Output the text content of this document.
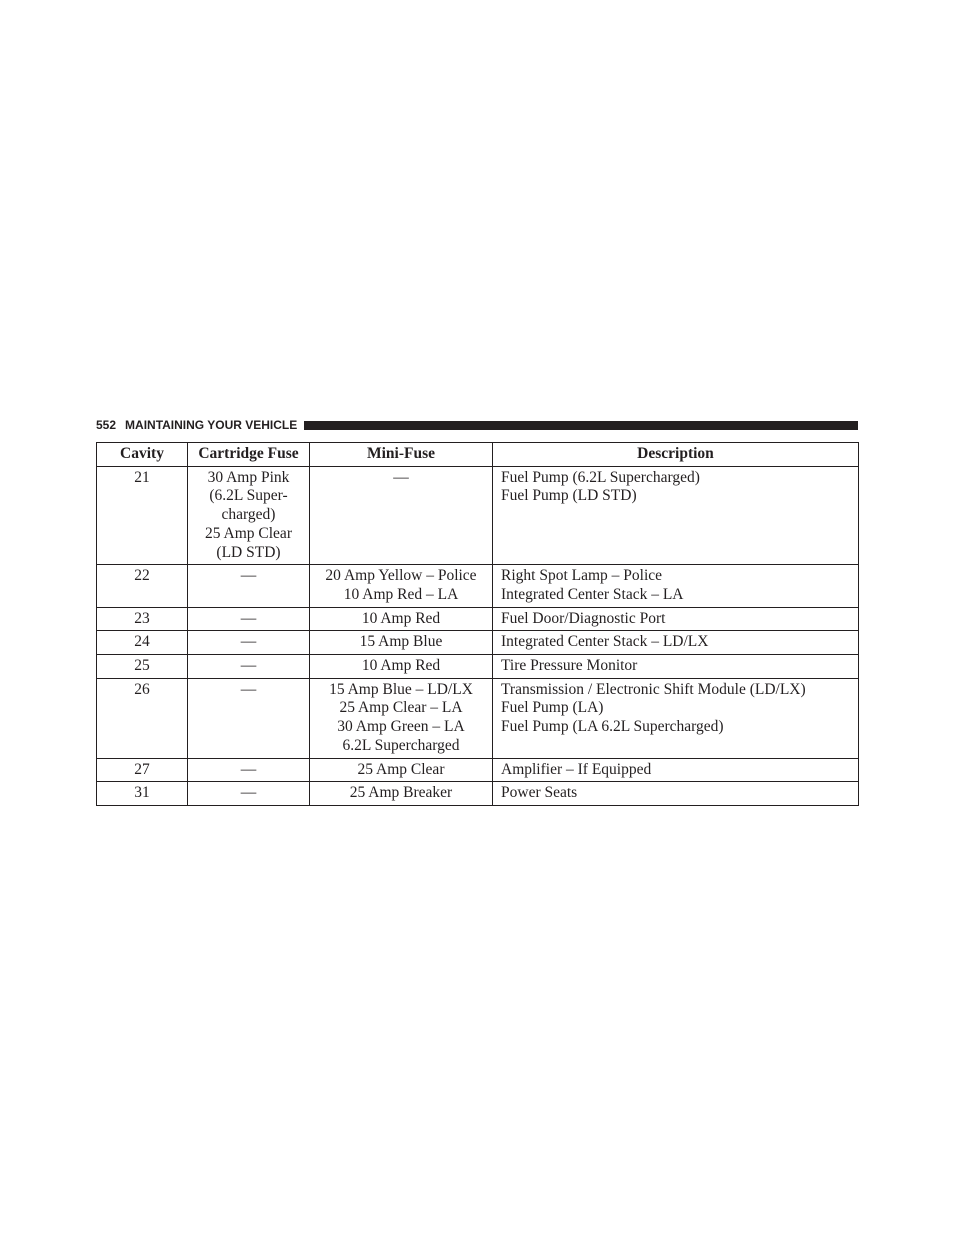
552 MAINTAINING YOUR VEHICLE
Cavity	Cartridge Fuse	Mini-Fuse	Description
21	30 Amp Pink
(6.2L Super-
charged)
25 Amp Clear
(LD STD)	—	Fuel Pump (6.2L Supercharged)
Fuel Pump (LD STD)

22	—	20 Amp Yellow – Police
10 Amp Red – LA	Right Spot Lamp – Police
Integrated Center Stack – LA

23	—	10 Amp Red	Fuel Door/Diagnostic Port

24	—	15 Amp Blue	Integrated Center Stack – LD/LX

25	—	10 Amp Red	Tire Pressure Monitor

26	—	15 Amp Blue – LD/LX
25 Amp Clear – LA
30 Amp Green – LA
6.2L Supercharged	Transmission / Electronic Shift Module (LD/LX)
Fuel Pump (LA)
Fuel Pump (LA 6.2L Supercharged)

27	—	25 Amp Clear	Amplifier – If Equipped

31	—	25 Amp Breaker	Power Seats
